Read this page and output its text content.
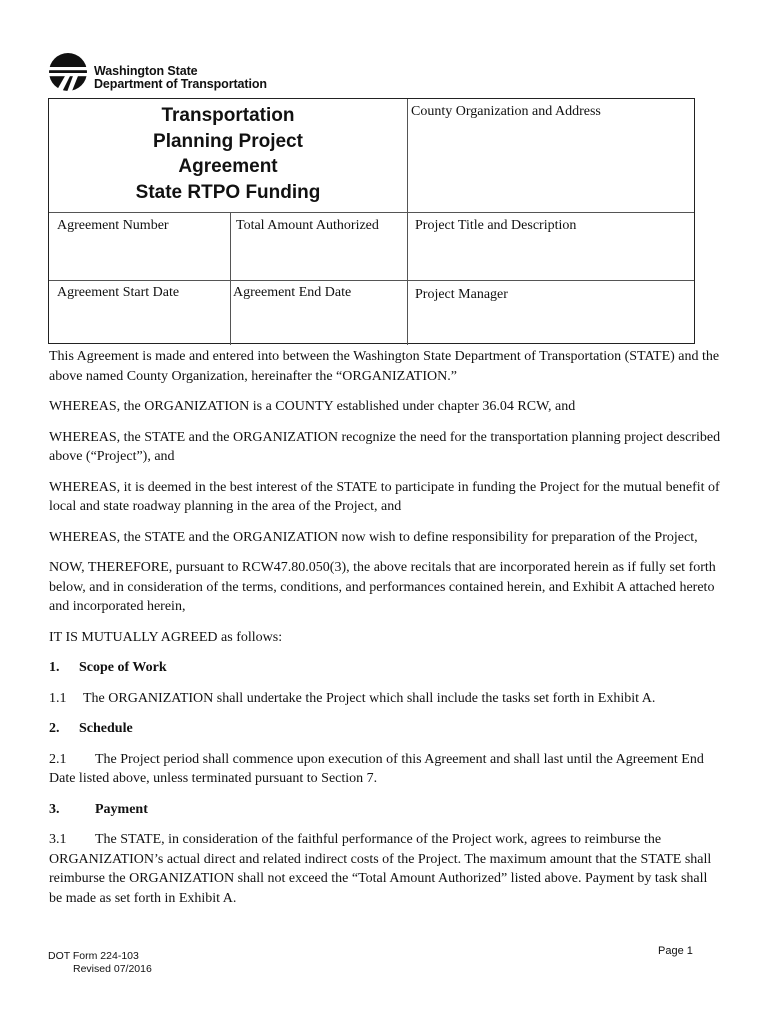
Washington State
Department of Transportation
Transportation
Planning Project
Agreement
State RTPO Funding
County Organization and Address
Agreement Number	Total Amount Authorized	Project Title and Description
Agreement Start Date	Agreement End Date	Project Manager

This Agreement is made and entered into between the Washington State Department of Transportation (STATE) and the above named County Organization, hereinafter the “ORGANIZATION.”

WHEREAS, the ORGANIZATION is a COUNTY established under chapter 36.04 RCW, and

WHEREAS, the STATE and the ORGANIZATION recognize the need for the transportation planning project described above (“Project”), and

WHEREAS, it is deemed in the best interest of the STATE to participate in funding the Project for the mutual benefit of local and state roadway planning in the area of the Project, and

WHEREAS, the STATE and the ORGANIZATION now wish to define responsibility for preparation of the Project,

NOW, THEREFORE, pursuant to RCW47.80.050(3), the above recitals that are incorporated herein as if fully set forth below, and in consideration of the terms, conditions, and performances contained herein, and Exhibit A attached hereto and incorporated herein,

IT IS MUTUALLY AGREED as follows:

1.	Scope of Work

1.1 The ORGANIZATION shall undertake the Project which shall include the tasks set forth in Exhibit A.

2.	Schedule

2.1 The Project period shall commence upon execution of this Agreement and shall last until the Agreement End Date listed above, unless terminated pursuant to Section 7.

3.	Payment

3.1 The STATE, in consideration of the faithful performance of the Project work, agrees to reimburse the ORGANIZATION’s actual direct and related indirect costs of the Project. The maximum amount that the STATE shall reimburse the ORGANIZATION shall not exceed the “Total Amount Authorized” listed above. Payment by task shall be made as set forth in Exhibit A.

DOT Form 224-103
Revised 07/2016
Page 1
